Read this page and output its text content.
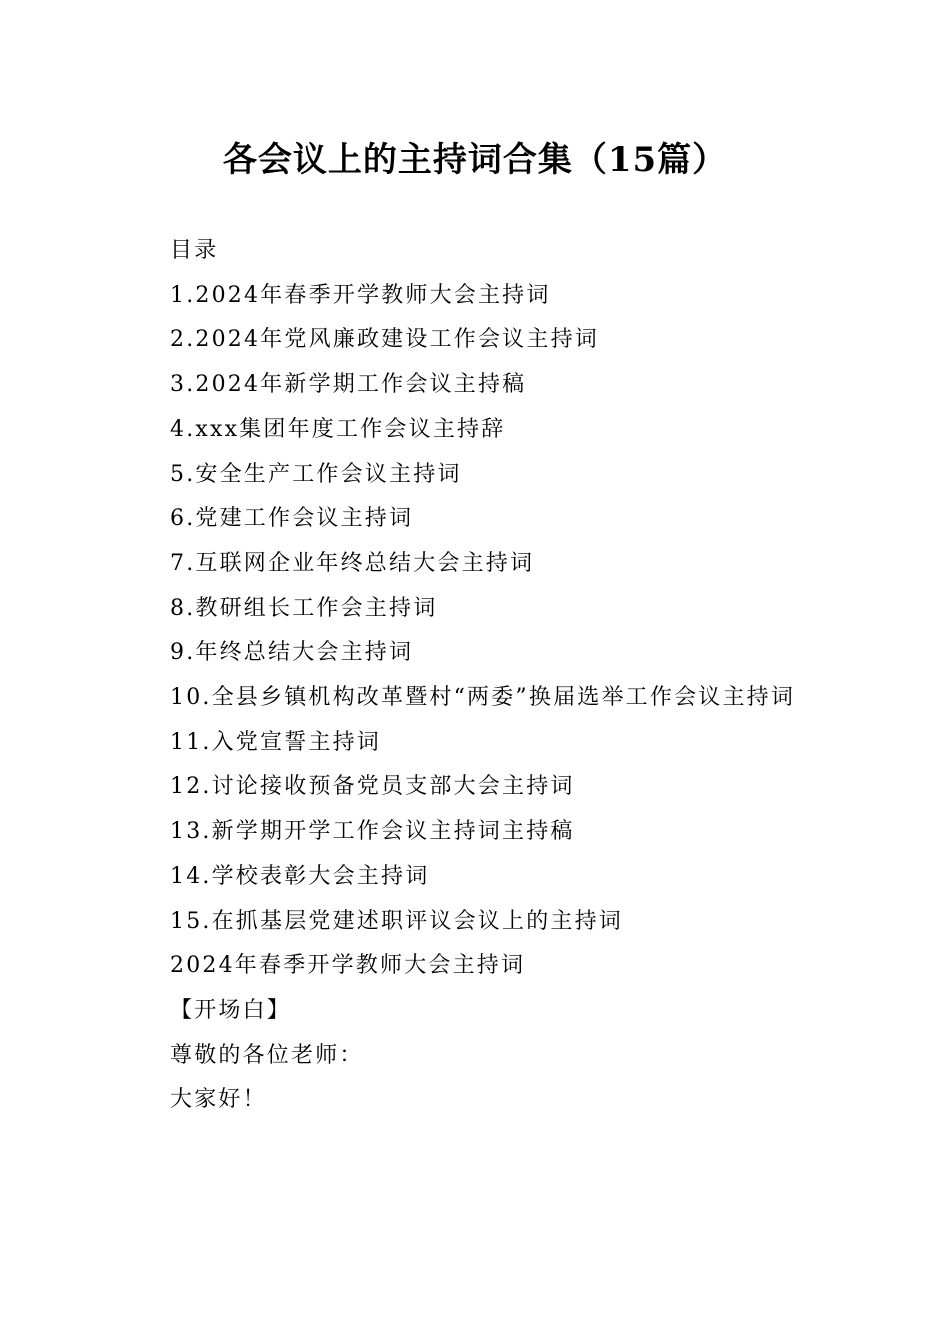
各会议上的主持词合集（15篇）

目录

1.2024年春季开学教师大会主持词

2.2024年党风廉政建设工作会议主持词

3.2024年新学期工作会议主持稿

4.xxx集团年度工作会议主持辞

5.安全生产工作会议主持词

6.党建工作会议主持词

7.互联网企业年终总结大会主持词

8.教研组长工作会主持词

9.年终总结大会主持词

10.全县乡镇机构改革暨村“两委”换届选举工作会议主持词

11.入党宣誓主持词

12.讨论接收预备党员支部大会主持词

13.新学期开学工作会议主持词主持稿

14.学校表彰大会主持词

15.在抓基层党建述职评议会议上的主持词

2024年春季开学教师大会主持词

【开场白】

尊敬的各位老师：

大家好！
